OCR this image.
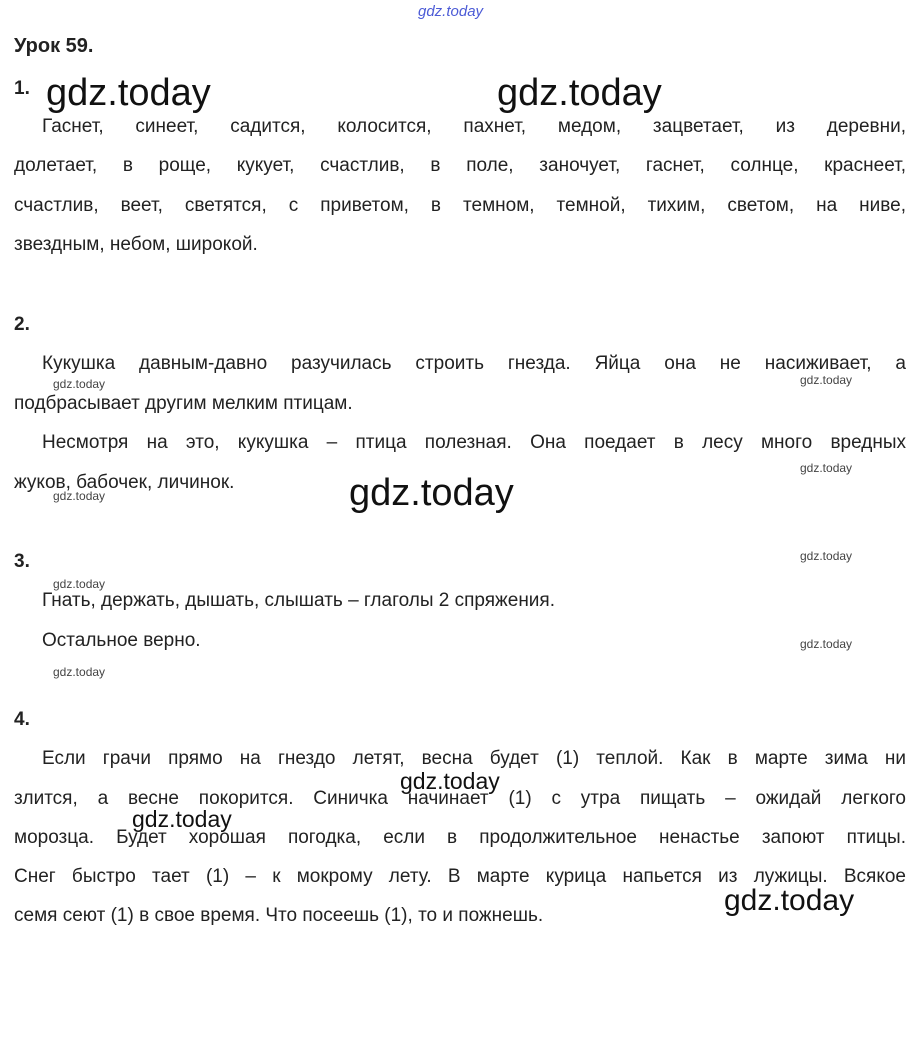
gdz.today
gdz.today	gdz.today
gdz.today
gdz.today
gdz.today
gdz.today
gdz.today	gdz.today
gdz.today
gdz.today
gdz.today
gdz.today
gdz.today
gdz.today
Урок 59.
1.
Гаснет, синеет, садится, колосится, пахнет, медом, зацветает, из деревни,
долетает, в роще, кукует, счастлив, в поле, заночует, гаснет, солнце, краснеет,
счастлив, веет, светятся, с приветом, в темном, темной, тихим, светом, на ниве,
звездным, небом, широкой.
2.
Кукушка давным-давно разучилась строить гнезда. Яйца она не насиживает, а
подбрасывает другим мелким птицам.
Несмотря на это, кукушка – птица полезная. Она поедает в лесу много вредных
жуков, бабочек, личинок.
3.
Гнать, держать, дышать, слышать – глаголы 2 спряжения.
Остальное верно.
4.
Если грачи прямо на гнездо летят, весна будет (1) теплой. Как в марте зима ни
злится, а весне покорится. Синичка начинает (1) с утра пищать – ожидай легкого
морозца. Будет хорошая погодка, если в продолжительное ненастье запоют птицы.
Снег быстро тает (1) – к мокрому лету. В марте курица напьется из лужицы. Всякое
семя сеют (1) в свое время. Что посеешь (1), то и пожнешь.
